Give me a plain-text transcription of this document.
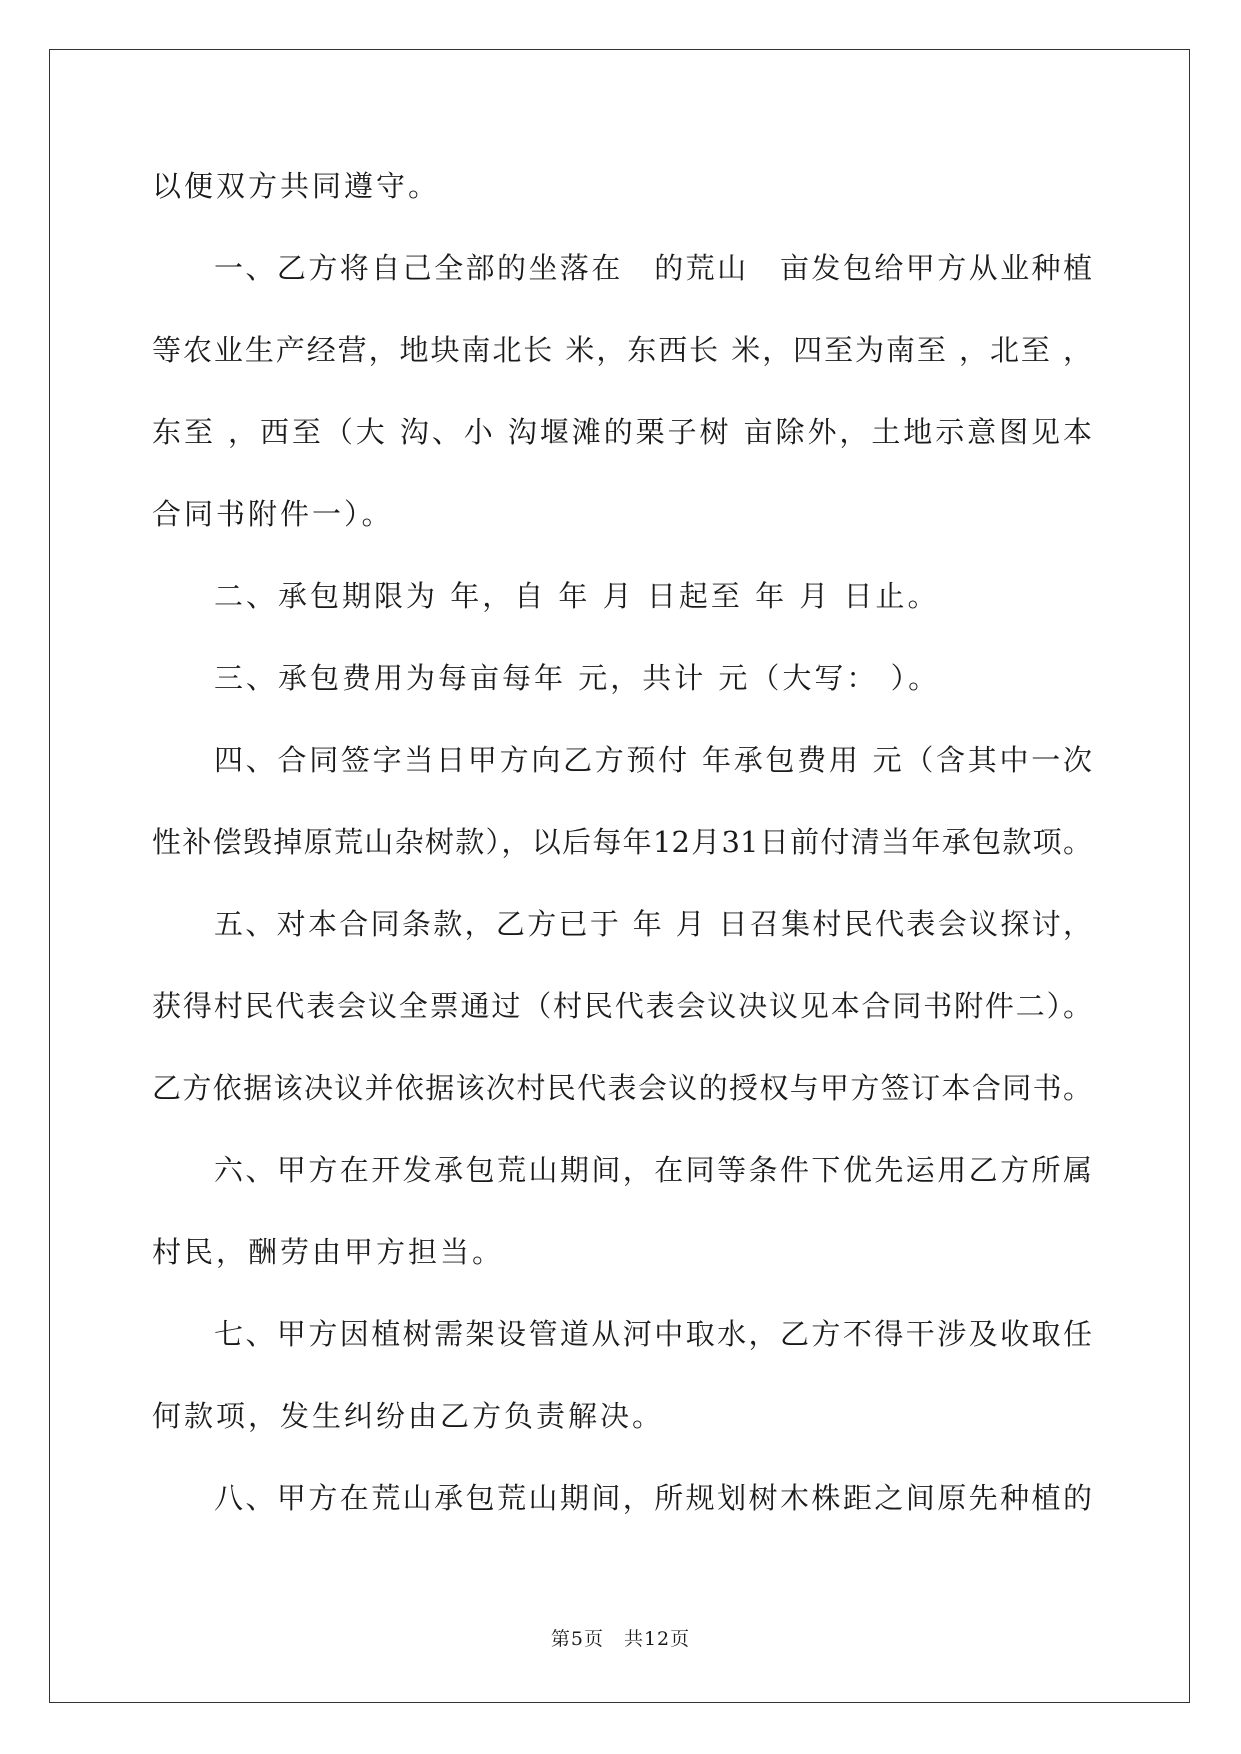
以便双方共同遵守。
一、乙方将自己全部的坐落在　的荒山　亩发包给甲方从业种植
等农业生产经营，地块南北长 米，东西长 米，四至为南至 ，北至 ，
东至 ，西至（大 沟、小 沟堰滩的栗子树 亩除外，土地示意图见本
合同书附件一）。
二、承包期限为 年，自 年 月 日起至 年 月 日止。
三、承包费用为每亩每年 元，共计 元（大写： ）。
四、合同签字当日甲方向乙方预付 年承包费用 元（含其中一次
性补偿毁掉原荒山杂树款），以后每年12月31日前付清当年承包款项。
五、对本合同条款，乙方已于 年 月 日召集村民代表会议探讨，
获得村民代表会议全票通过（村民代表会议决议见本合同书附件二）。
乙方依据该决议并依据该次村民代表会议的授权与甲方签订本合同书。
六、甲方在开发承包荒山期间，在同等条件下优先运用乙方所属
村民，酬劳由甲方担当。
七、甲方因植树需架设管道从河中取水，乙方不得干涉及收取任
何款项，发生纠纷由乙方负责解决。
八、甲方在荒山承包荒山期间，所规划树木株距之间原先种植的
第5页　共12页
